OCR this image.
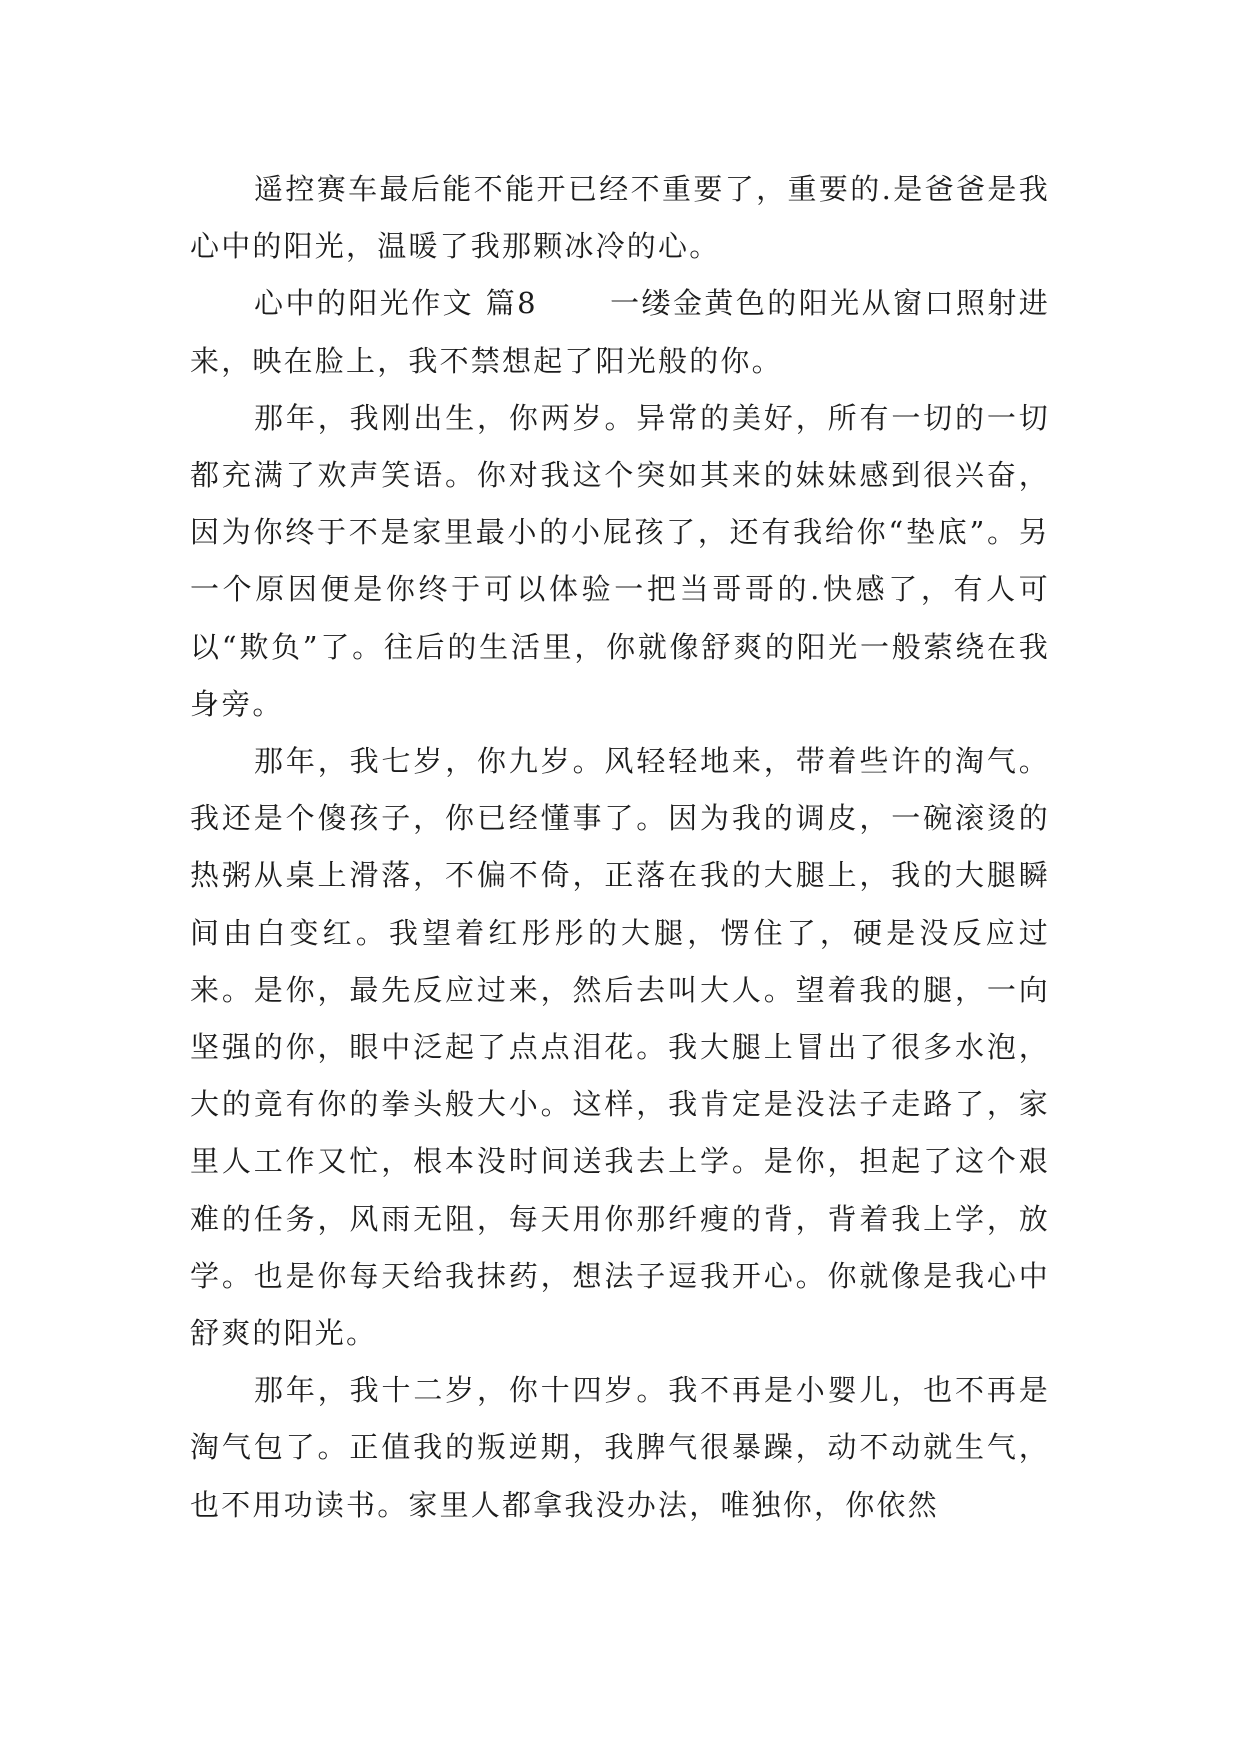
遥控赛车最后能不能开已经不重要了，重要的.是爸爸是我心中的阳光，温暖了我那颗冰冷的心。

心中的阳光作文 篇8 一缕金黄色的阳光从窗口照射进来，映在脸上，我不禁想起了阳光般的你。

那年，我刚出生，你两岁。异常的美好，所有一切的一切都充满了欢声笑语。你对我这个突如其来的妹妹感到很兴奋，因为你终于不是家里最小的小屁孩了，还有我给你“垫底”。另一个原因便是你终于可以体验一把当哥哥的.快感了，有人可以“欺负”了。往后的生活里，你就像舒爽的阳光一般萦绕在我身旁。

那年，我七岁，你九岁。风轻轻地来，带着些许的淘气。我还是个傻孩子，你已经懂事了。因为我的调皮，一碗滚烫的热粥从桌上滑落，不偏不倚，正落在我的大腿上，我的大腿瞬间由白变红。我望着红彤彤的大腿，愣住了，硬是没反应过来。是你，最先反应过来，然后去叫大人。望着我的腿，一向坚强的你，眼中泛起了点点泪花。我大腿上冒出了很多水泡，大的竟有你的拳头般大小。这样，我肯定是没法子走路了，家里人工作又忙，根本没时间送我去上学。是你，担起了这个艰难的任务，风雨无阻，每天用你那纤瘦的背，背着我上学，放学。也是你每天给我抹药，想法子逗我开心。你就像是我心中舒爽的阳光。

那年，我十二岁，你十四岁。我不再是小婴儿，也不再是淘气包了。正值我的叛逆期，我脾气很暴躁，动不动就生气，也不用功读书。家里人都拿我没办法，唯独你，你依然
